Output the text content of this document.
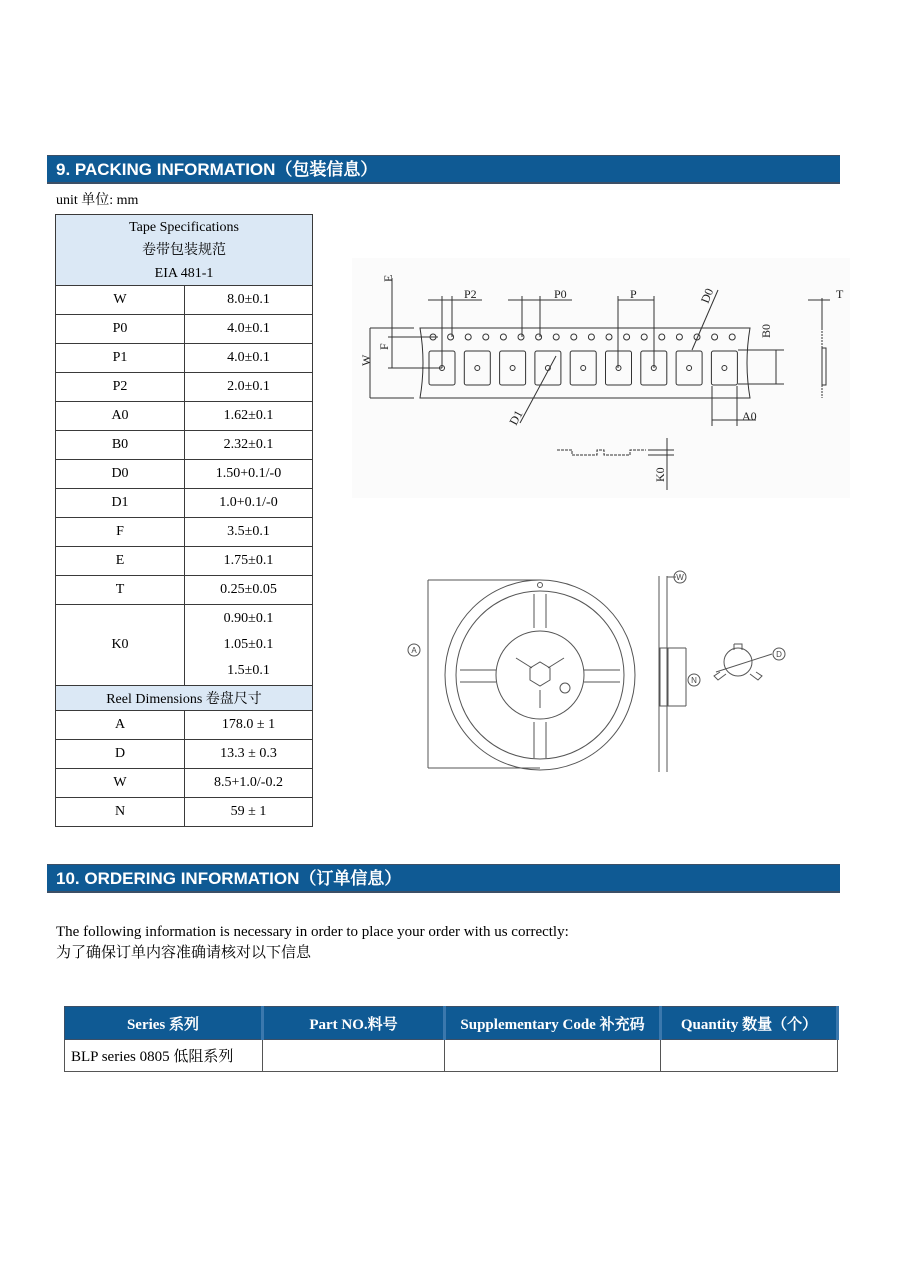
9. PACKING INFORMATION（包装信息）
unit 单位: mm
Tape Specifications
卷带包装规范
EIA 481-1	

W	8.0±0.1
P0	4.0±0.1
P1	4.0±0.1
P2	2.0±0.1
A0	1.62±0.1
B0	2.32±0.1
D0	1.50+0.1/-0
D1	1.0+0.1/-0
F	3.5±0.1
E	1.75±0.1
T	0.25±0.05
K0	0.90±0.1
1.05±0.1
1.5±0.1

Reel Dimensions 卷盘尺寸	
A	178.0 ± 1
D	13.3 ± 0.3
W	8.5+1.0/-0.2
N	59 ± 1
E
P2	P0	P	D0	T
W
F
B0
D1	A0
K0
A
W
N
D
10. ORDERING INFORMATION（订单信息）
The following information is necessary in order to place your order with us correctly:
为了确保订单内容准确请核对以下信息
Series 系列	Part NO.料号	Supplementary Code 补充码	Quantity 数量（个）
BLP series 0805 低阻系列			
